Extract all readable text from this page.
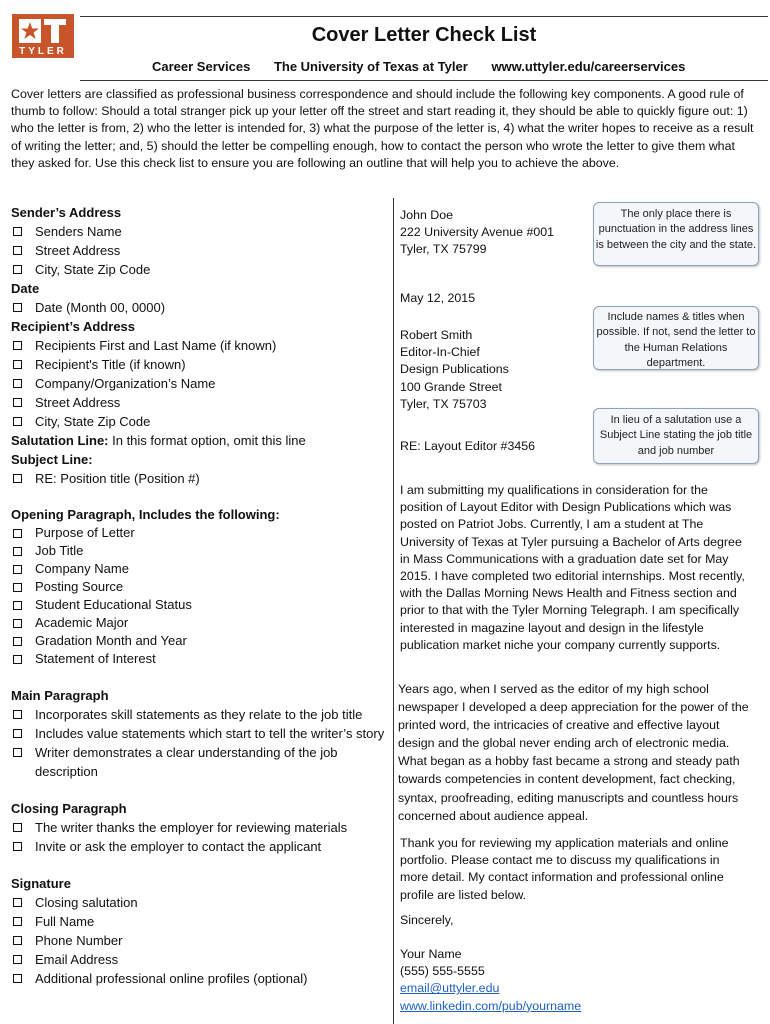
TYLER
Cover Letter Check List
Career Services The University of Texas at Tyler www.uttyler.edu/careerservices
Cover letters are classified as professional business correspondence and should include the following key components. A good rule of thumb to follow: Should a total stranger pick up your letter off the street and start reading it, they should be able to quickly figure out: 1) who the letter is from, 2) who the letter is intended for, 3) what the purpose of the letter is, 4) what the writer hopes to receive as a result of writing the letter; and, 5) should the letter be compelling enough, how to contact the person who wrote the letter to give them what they asked for. Use this check list to ensure you are following an outline that will help you to achieve the above.
Sender’s Address
Senders Name
Street Address
City, State Zip Code
Date
Date (Month 00, 0000)
Recipient’s Address
Recipients First and Last Name (if known)
Recipient's Title (if known)
Company/Organization’s Name
Street Address
City, State Zip Code
Salutation Line: In this format option, omit this line
Subject Line:
RE: Position title (Position #)
Opening Paragraph, Includes the following:
Purpose of Letter
Job Title
Company Name
Posting Source
Student Educational Status
Academic Major
Gradation Month and Year
Statement of Interest
Main Paragraph
Incorporates skill statements as they relate to the job title
Includes value statements which start to tell the writer’s story
Writer demonstrates a clear understanding of the job description
Closing Paragraph
The writer thanks the employer for reviewing materials
Invite or ask the employer to contact the applicant
Signature
Closing salutation
Full Name
Phone Number
Email Address
Additional professional online profiles (optional)
John Doe
222 University Avenue #001
Tyler, TX 75799
May 12, 2015
Robert Smith
Editor-In-Chief
Design Publications
100 Grande Street
Tyler, TX 75703
RE: Layout Editor #3456
I am submitting my qualifications in consideration for the position of Layout Editor with Design Publications which was posted on Patriot Jobs. Currently, I am a student at The University of Texas at Tyler pursuing a Bachelor of Arts degree in Mass Communications with a graduation date set for May 2015. I have completed two editorial internships. Most recently, with the Dallas Morning News Health and Fitness section and prior to that with the Tyler Morning Telegraph. I am specifically interested in magazine layout and design in the lifestyle publication market niche your company currently supports.
Years ago, when I served as the editor of my high school newspaper I developed a deep appreciation for the power of the printed word, the intricacies of creative and effective layout design and the global never ending arch of electronic media. What began as a hobby fast became a strong and steady path towards competencies in content development, fact checking, syntax, proofreading, editing manuscripts and countless hours concerned about audience appeal.
Thank you for reviewing my application materials and online portfolio. Please contact me to discuss my qualifications in more detail. My contact information and professional online profile are listed below.
Sincerely,
Your Name
(555) 555-5555
email@uttyler.edu
www.linkedin.com/pub/yourname
The only place there is punctuation in the address lines is between the city and the state.
Include names & titles when possible. If not, send the letter to the Human Relations department.
In lieu of a salutation use a Subject Line stating the job title and job number
